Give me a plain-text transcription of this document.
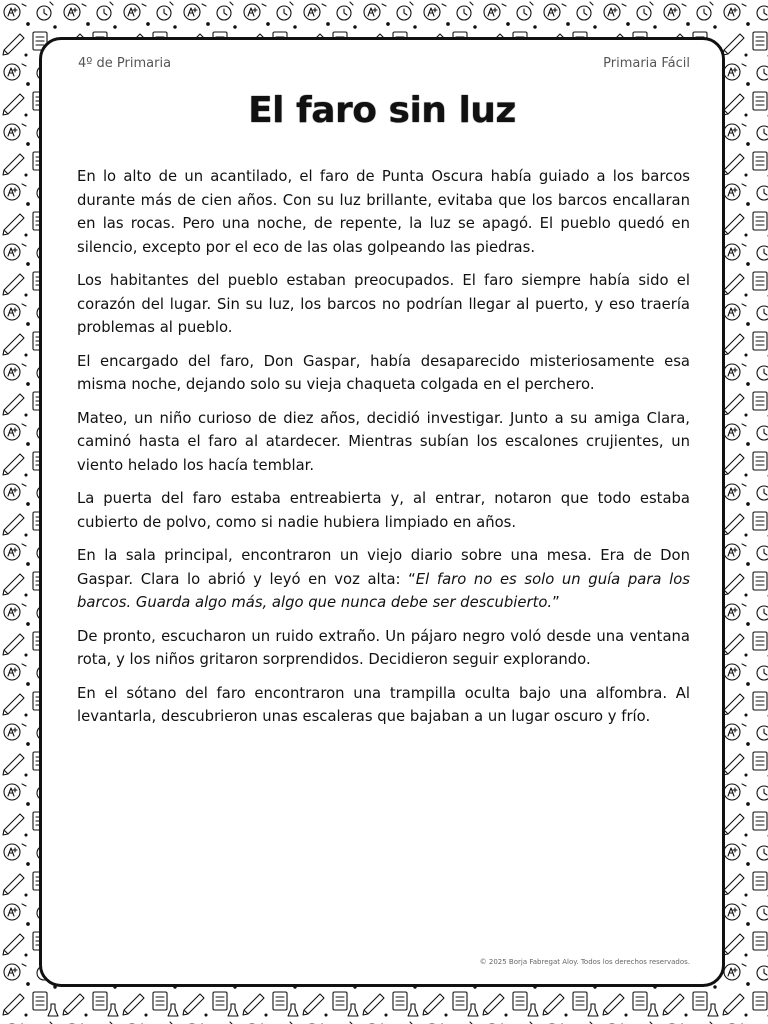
4º de Primaria	Primaria Fácil
El faro sin luz

En lo alto de un acantilado, el faro de Punta Oscura había guiado a los barcos durante más de cien años. Con su luz brillante, evitaba que los barcos encallaran en las rocas. Pero una noche, de repente, la luz se apagó. El pueblo quedó en silencio, excepto por el eco de las olas golpeando las piedras.

Los habitantes del pueblo estaban preocupados. El faro siempre había sido el corazón del lugar. Sin su luz, los barcos no podrían llegar al puerto, y eso traería problemas al pueblo.

El encargado del faro, Don Gaspar, había desaparecido misteriosamente esa misma noche, dejando solo su vieja chaqueta colgada en el perchero.

Mateo, un niño curioso de diez años, decidió investigar. Junto a su amiga Clara, caminó hasta el faro al atardecer. Mientras subían los escalones crujientes, un viento helado los hacía temblar.

La puerta del faro estaba entreabierta y, al entrar, notaron que todo estaba cubierto de polvo, como si nadie hubiera limpiado en años.

En la sala principal, encontraron un viejo diario sobre una mesa. Era de Don Gaspar. Clara lo abrió y leyó en voz alta: “El faro no es solo un guía para los barcos. Guarda algo más, algo que nunca debe ser descubierto.”

De pronto, escucharon un ruido extraño. Un pájaro negro voló desde una ventana rota, y los niños gritaron sorprendidos. Decidieron seguir explorando.

En el sótano del faro encontraron una trampilla oculta bajo una alfombra. Al levantarla, descubrieron unas escaleras que bajaban a un lugar oscuro y frío.

© 2025 Borja Fabregat Aloy. Todos los derechos reservados.
